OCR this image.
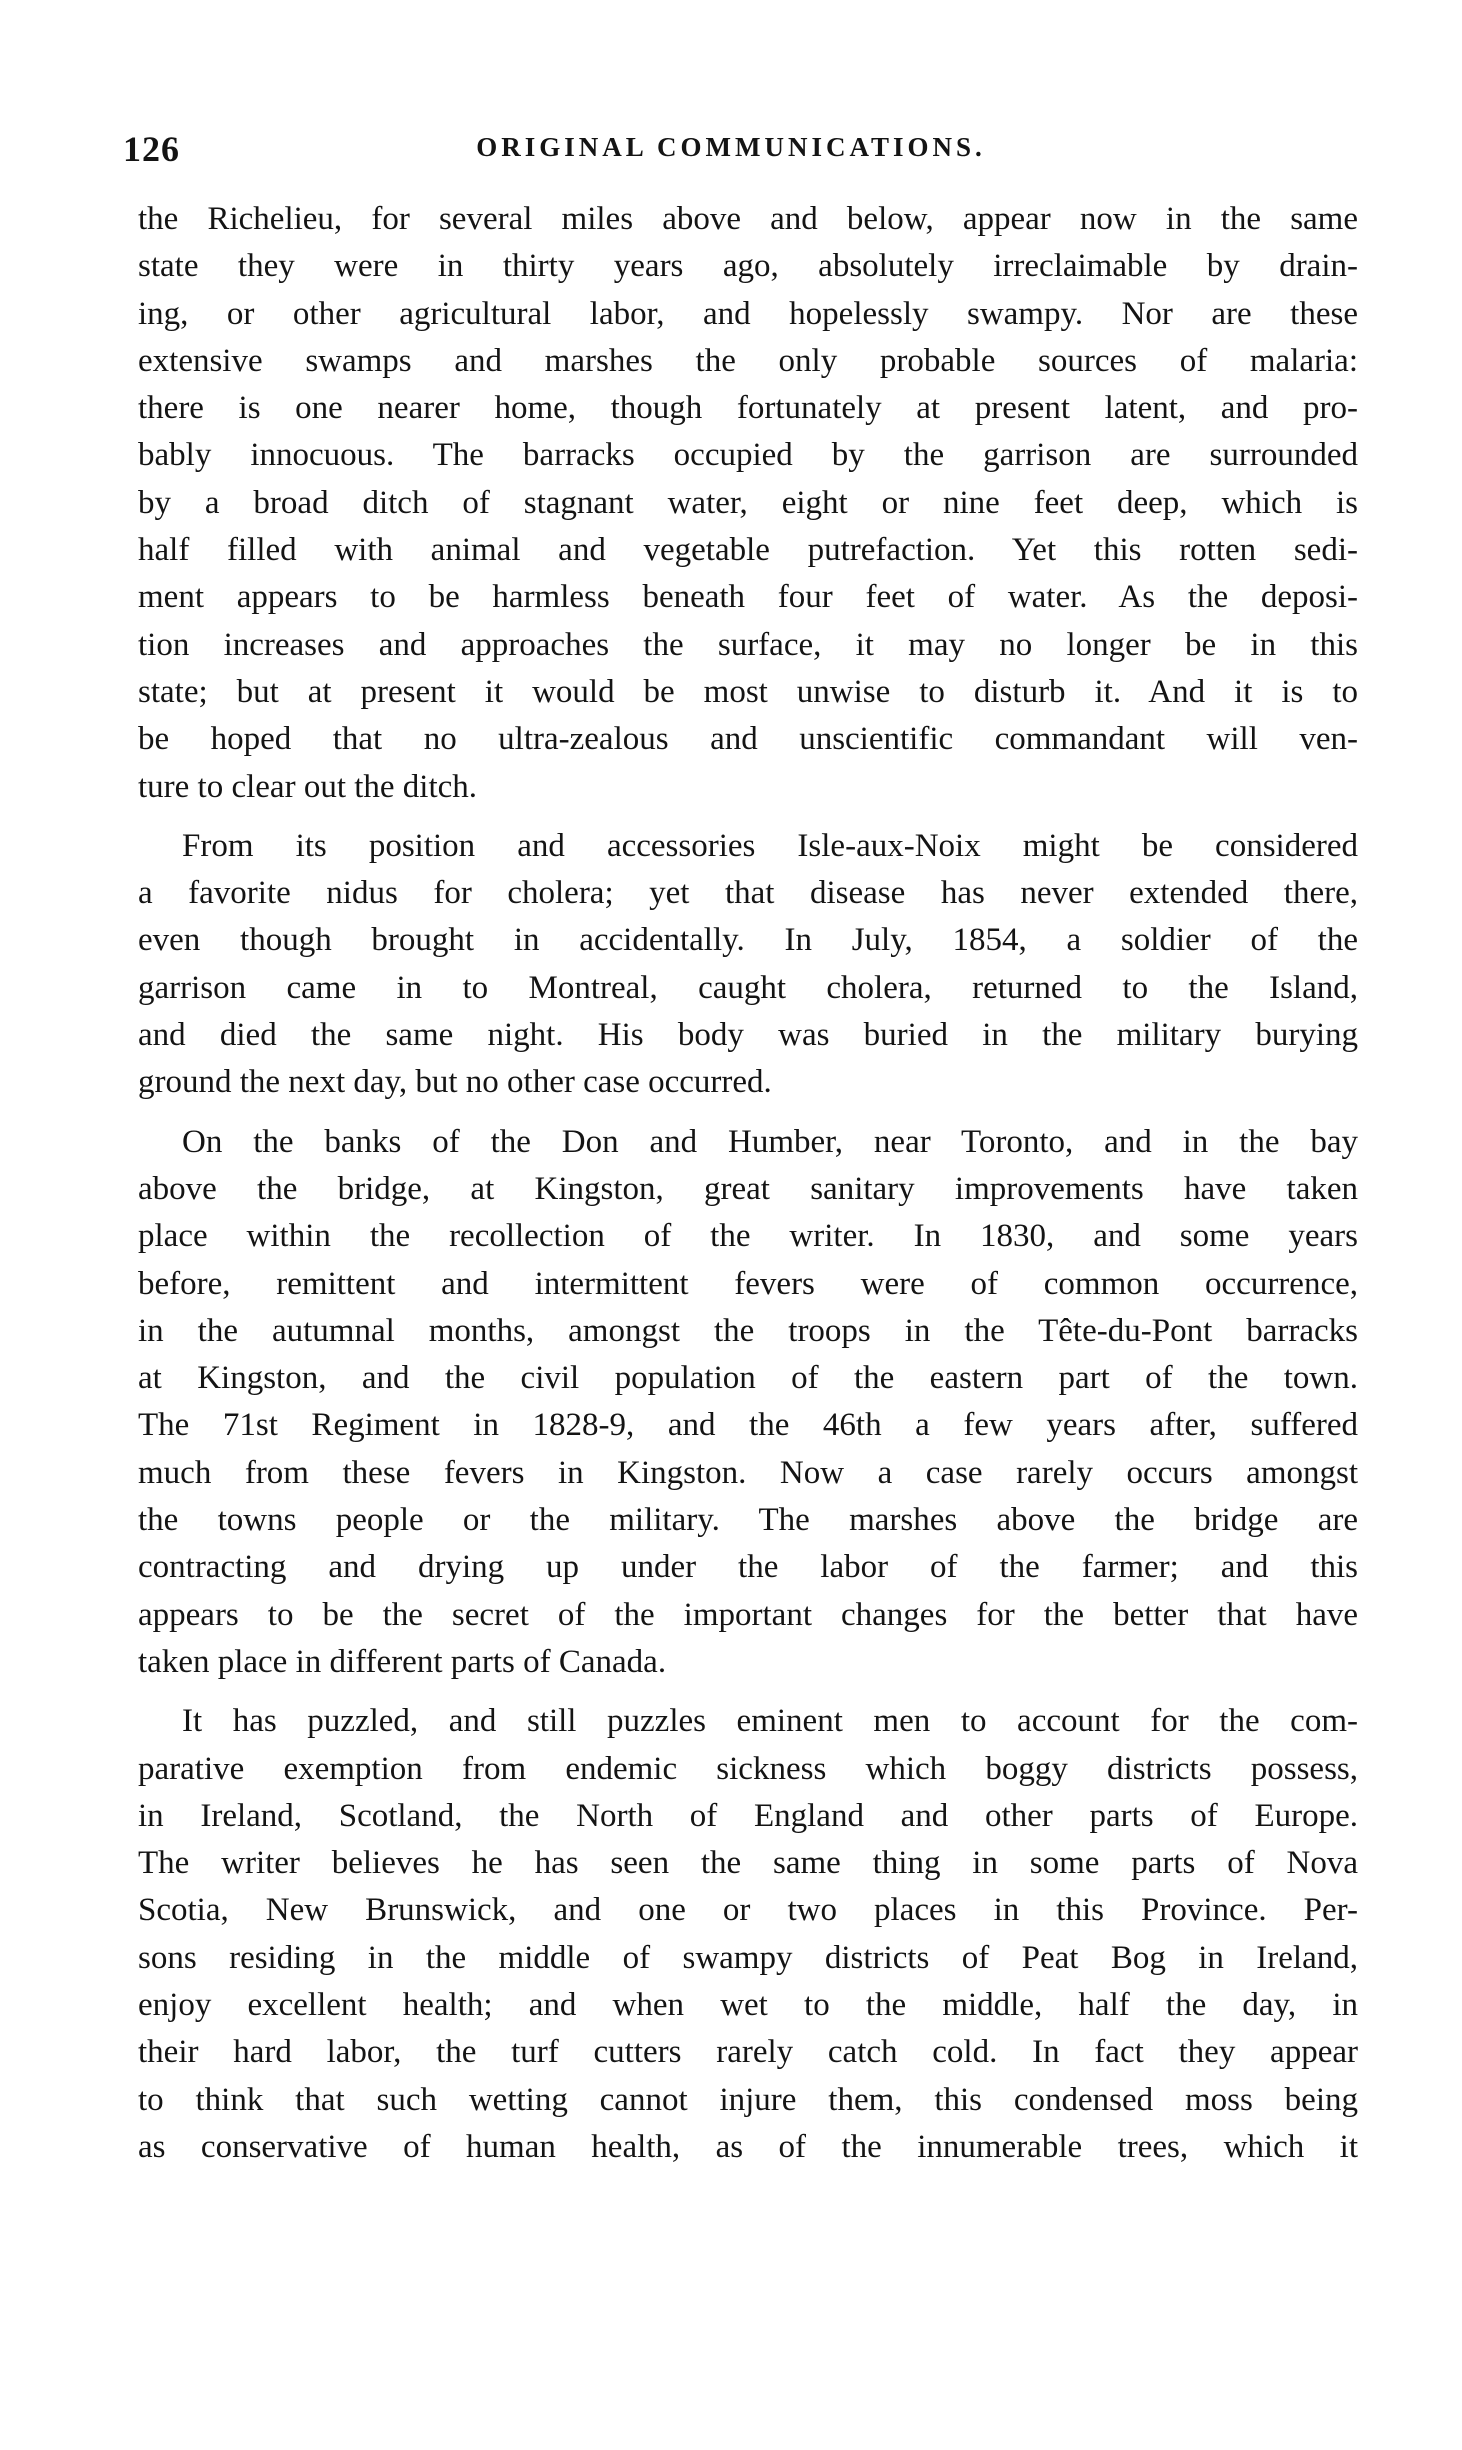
126	ORIGINAL COMMUNICATIONS.
the Richelieu, for several miles above and below, appear now in the same
state they were in thirty years ago, absolutely irreclaimable by drain-
ing, or other agricultural labor, and hopelessly swampy. Nor are these
extensive swamps and marshes the only probable sources of malaria:
there is one nearer home, though fortunately at present latent, and pro-
bably innocuous. The barracks occupied by the garrison are surrounded
by a broad ditch of stagnant water, eight or nine feet deep, which is
half filled with animal and vegetable putrefaction. Yet this rotten sedi-
ment appears to be harmless beneath four feet of water. As the deposi-
tion increases and approaches the surface, it may no longer be in this
state; but at present it would be most unwise to disturb it. And it is to
be hoped that no ultra-zealous and unscientific commandant will ven-
ture to clear out the ditch.
From its position and accessories Isle-aux-Noix might be considered
a favorite nidus for cholera; yet that disease has never extended there,
even though brought in accidentally. In July, 1854, a soldier of the
garrison came in to Montreal, caught cholera, returned to the Island,
and died the same night. His body was buried in the military burying
ground the next day, but no other case occurred.
On the banks of the Don and Humber, near Toronto, and in the bay
above the bridge, at Kingston, great sanitary improvements have taken
place within the recollection of the writer. In 1830, and some years
before, remittent and intermittent fevers were of common occurrence,
in the autumnal months, amongst the troops in the Tête-du-Pont barracks
at Kingston, and the civil population of the eastern part of the town.
The 71st Regiment in 1828-9, and the 46th a few years after, suffered
much from these fevers in Kingston. Now a case rarely occurs amongst
the towns people or the military. The marshes above the bridge are
contracting and drying up under the labor of the farmer; and this
appears to be the secret of the important changes for the better that have
taken place in different parts of Canada.
It has puzzled, and still puzzles eminent men to account for the com-
parative exemption from endemic sickness which boggy districts possess,
in Ireland, Scotland, the North of England and other parts of Europe.
The writer believes he has seen the same thing in some parts of Nova
Scotia, New Brunswick, and one or two places in this Province. Per-
sons residing in the middle of swampy districts of Peat Bog in Ireland,
enjoy excellent health; and when wet to the middle, half the day, in
their hard labor, the turf cutters rarely catch cold. In fact they appear
to think that such wetting cannot injure them, this condensed moss being
as conservative of human health, as of the innumerable trees, which it
